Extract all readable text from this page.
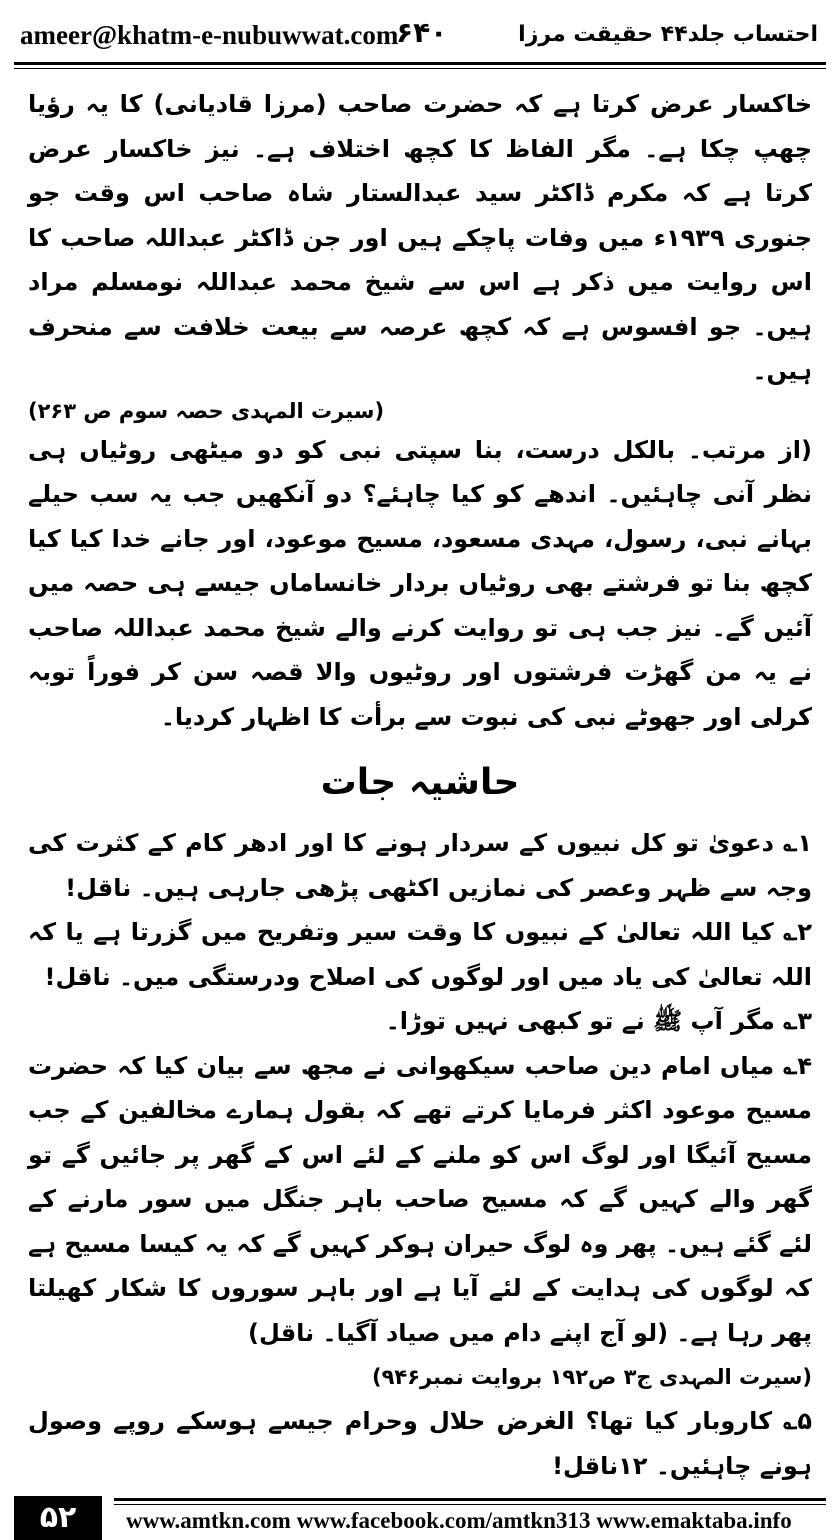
ameer@khatm-e-nubuwwat.com
۶۴۰	احتساب جلد۴۴ حقیقت مرزا

خاکسار عرض کرتا ہے کہ حضرت صاحب (مرزا قادیانی) کا یہ رؤیا چھپ چکا ہے۔ مگر الفاظ کا کچھ اختلاف ہے۔ نیز خاکسار عرض کرتا ہے کہ مکرم ڈاکٹر سید عبدالستار شاہ صاحب اس وقت جو جنوری ۱۹۳۹ء میں وفات پاچکے ہیں اور جن ڈاکٹر عبداللہ صاحب کا اس روایت میں ذکر ہے اس سے شیخ محمد عبداللہ نومسلم مراد ہیں۔ جو افسوس ہے کہ کچھ عرصہ سے بیعت خلافت سے منحرف ہیں۔

(سیرت المہدی حصہ سوم ص ۲۶۳)

(از مرتب۔ بالکل درست، بنا سپتی نبی کو دو میٹھی روٹیاں ہی نظر آنی چاہئیں۔ اندھے کو کیا چاہئے؟ دو آنکھیں جب یہ سب حیلے بہانے نبی، رسول، مہدی مسعود، مسیح موعود، اور جانے خدا کیا کیا کچھ بنا تو فرشتے بھی روٹیاں بردار خانساماں جیسے ہی حصہ میں آئیں گے۔ نیز جب ہی تو روایت کرنے والے شیخ محمد عبداللہ صاحب نے یہ من گھڑت فرشتوں اور روٹیوں والا قصہ سن کر فوراً توبہ کرلی اور جھوٹے نبی کی نبوت سے برأت کا اظہار کردیا۔

حاشیہ جات

۱؎ دعویٰ تو کل نبیوں کے سردار ہونے کا اور ادھر کام کے کثرت کی وجہ سے ظہر وعصر کی نمازیں اکٹھی پڑھی جارہی ہیں۔ ناقل!

۲؎ کیا اللہ تعالیٰ کے نبیوں کا وقت سیر وتفریح میں گزرتا ہے یا کہ اللہ تعالیٰ کی یاد میں اور لوگوں کی اصلاح ودرستگی میں۔ ناقل!

۳؎ مگر آپ ﷺ نے تو کبھی نہیں توڑا۔

۴؎ میاں امام دین صاحب سیکھوانی نے مجھ سے بیان کیا کہ حضرت مسیح موعود اکثر فرمایا کرتے تھے کہ بقول ہمارے مخالفین کے جب مسیح آئیگا اور لوگ اس کو ملنے کے لئے اس کے گھر پر جائیں گے تو گھر والے کہیں گے کہ مسیح صاحب باہر جنگل میں سور مارنے کے لئے گئے ہیں۔ پھر وہ لوگ حیران ہوکر کہیں گے کہ یہ کیسا مسیح ہے کہ لوگوں کی ہدایت کے لئے آیا ہے اور باہر سوروں کا شکار کھیلتا پھر رہا ہے۔ (لو آج اپنے دام میں صیاد آگیا۔ ناقل)

(سیرت المہدی ج۳ ص۱۹۲ بروایت نمبر۹۴۶)

۵؎ کاروبار کیا تھا؟ الغرض حلال وحرام جیسے ہوسکے روپے وصول ہونے چاہئیں۔ ۱۲ناقل!

۵۲	www.amtkn.com www.facebook.com/amtkn313 www.emaktaba.info
